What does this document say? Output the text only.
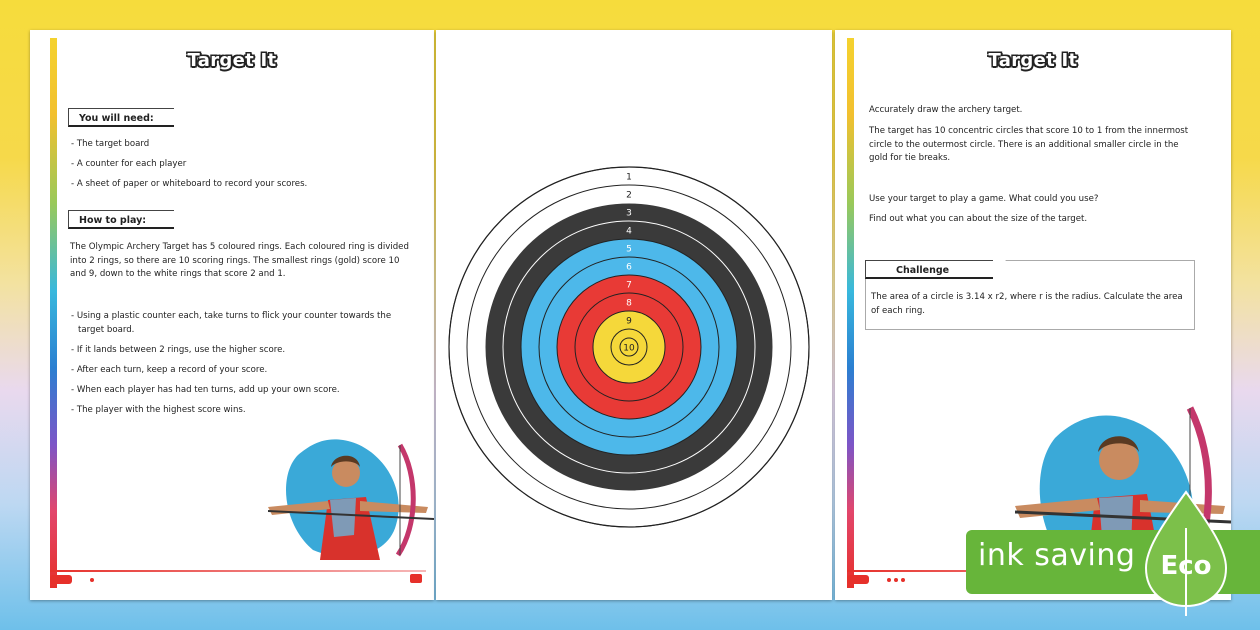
Target It
You will need:
- The target board
- A counter for each player
- A sheet of paper or whiteboard to record your scores.
How to play:
The Olympic Archery Target has 5 coloured rings. Each coloured ring is divided into 2 rings, so there are 10 scoring rings. The smallest rings (gold) score 10 and 9, down to the white rings that score 2 and 1.
- Using a plastic counter each, take turns to flick your counter towards the target board.
- If it lands between 2 rings, use the higher score.
- After each turn, keep a record of your score.
- When each player has had ten turns, add up your own score.
- The player with the highest score wins.
1
2
3
4
5
6
7
8
9
10
Target It
Accurately draw the archery target.
The target has 10 concentric circles that score 10 to 1 from the innermost circle to the outermost circle. There is an additional smaller circle in the gold for tie breaks.
Use your target to play a game. What could you use?
Find out what you can about the size of the target.
Challenge
The area of a circle is 3.14 x r2, where r is the radius. Calculate the area of each ring.
ink saving Eco
